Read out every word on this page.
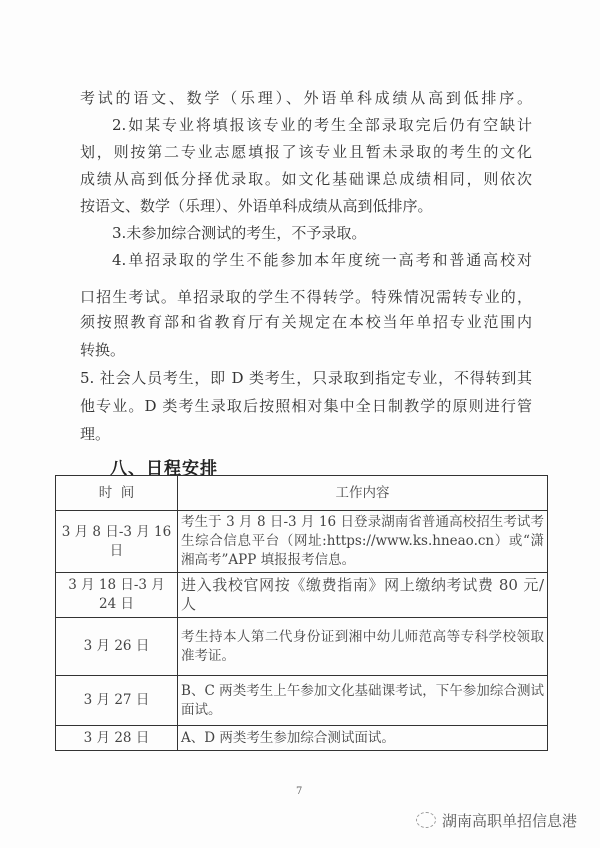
考试的语文、数学（乐理）、外语单科成绩从高到低排序。
2.如某专业将填报该专业的考生全部录取完后仍有空缺计
划，则按第二专业志愿填报了该专业且暂未录取的考生的文化
成绩从高到低分择优录取。如文化基础课总成绩相同，则依次
按语文、数学（乐理）、外语单科成绩从高到低排序。
3.未参加综合测试的考生，不予录取。
4.单招录取的学生不能参加本年度统一高考和普通高校对
口招生考试。单招录取的学生不得转学。特殊情况需转专业的，
须按照教育部和省教育厅有关规定在本校当年单招专业范围内
转换。
5. 社会人员考生，即 D 类考生，只录取到指定专业，不得转到其
他专业。D 类考生录取后按照相对集中全日制教学的原则进行管
理。
八、日程安排
时  间	工作内容
3 月 8 日-3 月 16 日	考生于 3 月 8 日-3 月 16 日登录湖南省普通高校招生考试考生综合信息平台（网址:https://www.ks.hneao.cn）或“潇湘高考”APP 填报报考信息。
3 月 18 日-3 月 24 日	进入我校官网按《缴费指南》网上缴纳考试费 80 元/人
3 月 26 日	考生持本人第二代身份证到湘中幼儿师范高等专科学校领取准考证。
3 月 27 日	B、C 两类考生上午参加文化基础课考试，下午参加综合测试面试。
3 月 28 日	A、D 两类考生参加综合测试面试。
7
湖南高职单招信息港
